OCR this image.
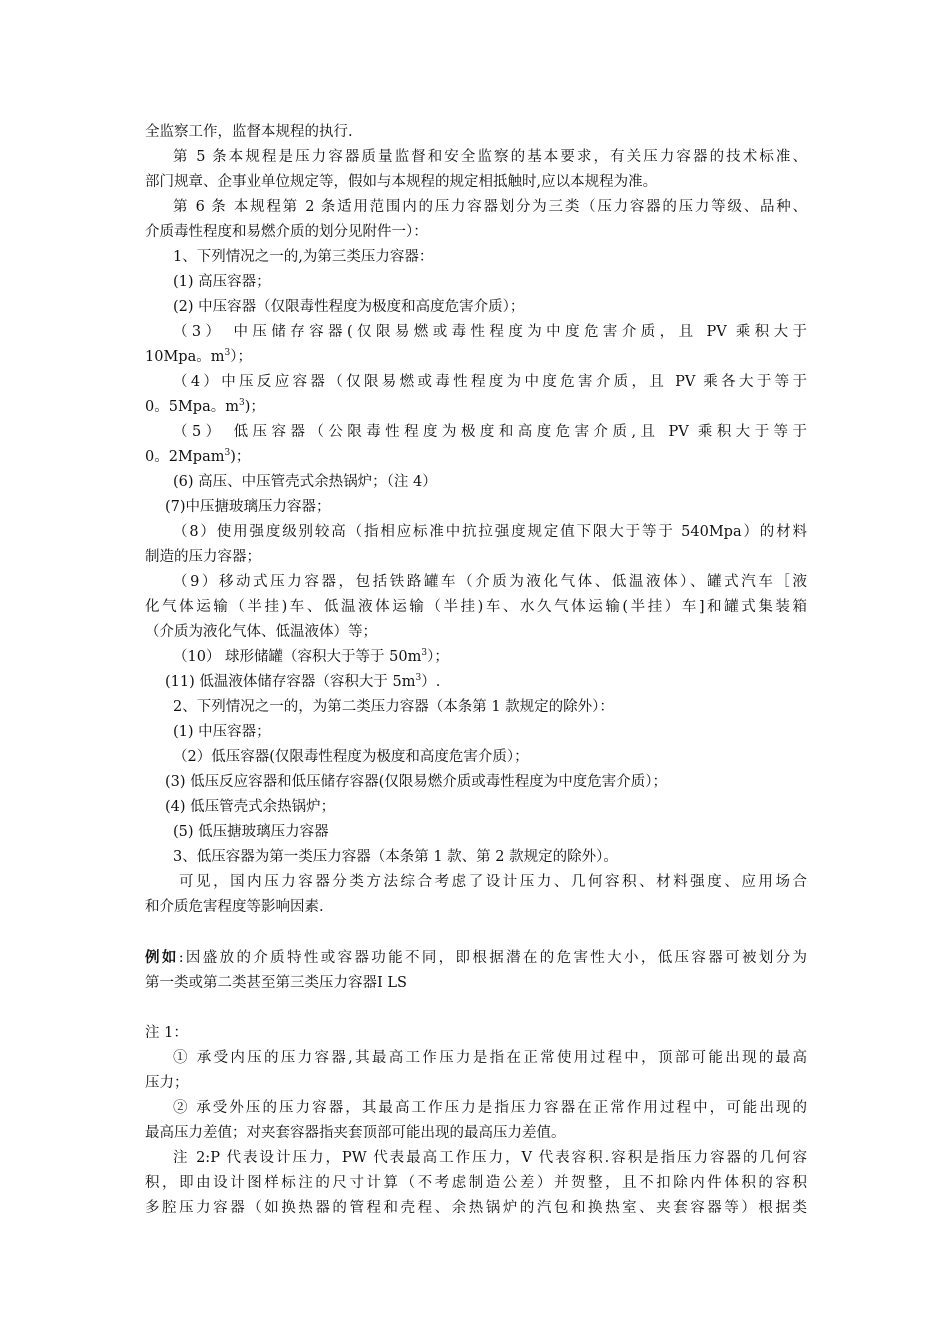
全监察工作，监督本规程的执行.

第 5 条本规程是压力容器质量监督和安全监察的基本要求，有关压力容器的技术标准、

部门规章、企事业单位规定等，假如与本规程的规定相抵触时,应以本规程为准。

第 6 条 本规程第 2 条适用范围内的压力容器划分为三类（压力容器的压力等级、品种、

介质毒性程度和易燃介质的划分见附件一）：

1、下列情况之一的,为第三类压力容器：

(1) 高压容器；

(2) 中压容器（仅限毒性程度为极度和高度危害介质）；

（3） 中压储存容器(仅限易燃或毒性程度为中度危害介质，且 PV 乘积大于

10Mpa。$m^3$）；

（4）中压反应容器（仅限易燃或毒性程度为中度危害介质，且 PV 乘各大于等于

0。5Mpa。$m^3$)；

（5） 低压容器（公限毒性程度为极度和高度危害介质,且 PV 乘积大于等于

0。2Mpam$^3$)；

(6) 高压、中压管壳式余热锅炉；（注 4）

(7)中压搪玻璃压力容器；

（8）使用强度级别较高（指相应标准中抗拉强度规定值下限大于等于 540Mpa）的材料

制造的压力容器；

（9）移动式压力容器，包括铁路罐车（介质为液化气体、低温液体）、罐式汽车［液

化气体运输（半挂)车、低温液体运输（半挂)车、水久气体运输(半挂）车]和罐式集装箱

（介质为液化气体、低温液体）等；

（10） 球形储罐（容积大于等于 $50m^3$）；

(11) 低温液体储存容器（容积大于 $5m^3$）.

2、下列情况之一的，为第二类压力容器（本条第 1 款规定的除外）：

(1) 中压容器；

（2）低压容器(仅限毒性程度为极度和高度危害介质）；

(3) 低压反应容器和低压储存容器(仅限易燃介质或毒性程度为中度危害介质）；

(4) 低压管壳式余热锅炉；

(5) 低压搪玻璃压力容器

3、低压容器为第一类压力容器（本条第 1 款、第 2 款规定的除外）。

可见，国内压力容器分类方法综合考虑了设计压力、几何容积、材料强度、应用场合

和介质危害程度等影响因素.

例如:因盛放的介质特性或容器功能不同，即根据潜在的危害性大小，低压容器可被划分为

第一类或第二类甚至第三类压力容器Ⅰ LS

注 1：

① 承受内压的压力容器,其最高工作压力是指在正常使用过程中，顶部可能出现的最高

压力；

② 承受外压的压力容器，其最高工作压力是指压力容器在正常作用过程中，可能出现的

最高压力差值；对夹套容器指夹套顶部可能出现的最高压力差值。

注 2:P 代表设计压力，PW 代表最高工作压力，V 代表容积.容积是指压力容器的几何容

积，即由设计图样标注的尺寸计算（不考虑制造公差）并贺整，且不扣除内件体积的容积

多腔压力容器（如换热器的管程和壳程、余热锅炉的汽包和换热室、夹套容器等）根据类
